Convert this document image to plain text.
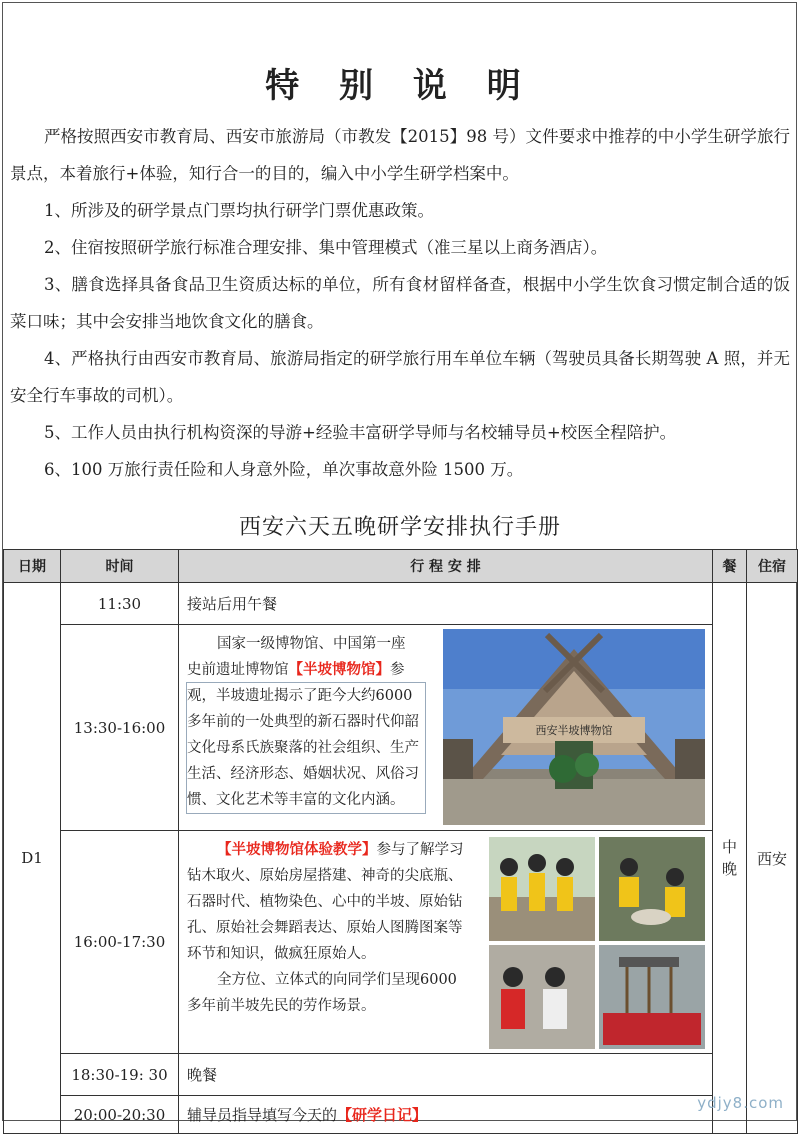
特 别 说 明
严格按照西安市教育局、西安市旅游局（市教发【2015】98 号）文件要求中推荐的中小学生研学旅行景点，本着旅行+体验，知行合一的目的，编入中小学生研学档案中。
1、所涉及的研学景点门票均执行研学门票优惠政策。
2、住宿按照研学旅行标准合理安排、集中管理模式（准三星以上商务酒店）。
3、膳食选择具备食品卫生资质达标的单位，所有食材留样备查，根据中小学生饮食习惯定制合适的饭菜口味；其中会安排当地饮食文化的膳食。
4、严格执行由西安市教育局、旅游局指定的研学旅行用车单位车辆（驾驶员具备长期驾驶 A 照，并无安全行车事故的司机）。
5、工作人员由执行机构资深的导游+经验丰富研学导师与名校辅导员+校医全程陪护。
6、100 万旅行责任险和人身意外险，单次事故意外险 1500 万。
西安六天五晚研学安排执行手册
日期	时间	行 程 安 排	餐	住宿
D1	11:30	接站后用午餐	中晚	西安
	13:30-16:00	国家一级博物馆、中国第一座
史前遗址博物馆【半坡博物馆】参
观，半坡遗址揭示了距今大约6000 多年前的一处典型的新石器时代仰韶文化母系氏族聚落的社会组织、生产生活、经济形态、婚姻状况、风俗习惯、文化艺术等丰富的文化内涵。
西安半坡博物馆		

	16:00-17:30	【半坡博物馆体验教学】参与了解学习钻木取火、原始房屋搭建、神奇的尖底瓶、石器时代、植物染色、心中的半坡、原始钻孔、原始社会舞蹈表达、原始人图腾图案等环节和知识，做疯狂原始人。
全方位、立体式的向同学们呈现6000 多年前半坡先民的劳作场景。		

	18:30-19: 30	晚餐		
	20:00-20:30	辅导员指导填写今天的【研学日记】		
ydjy8.com
